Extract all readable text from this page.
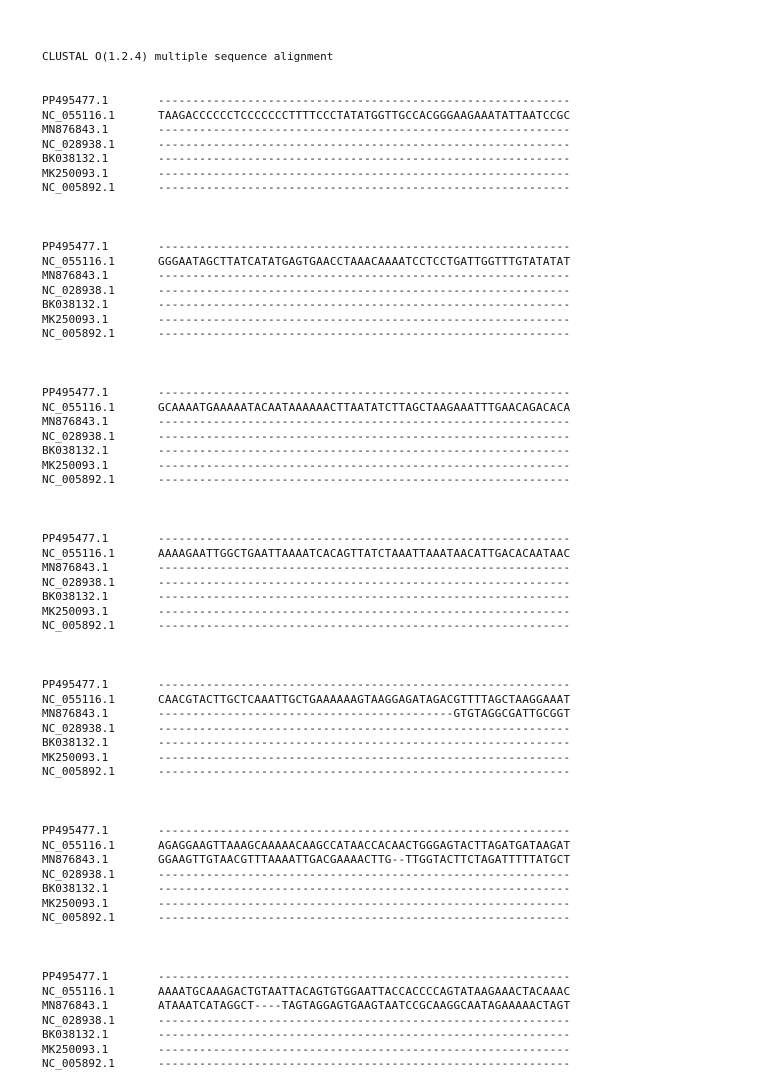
CLUSTAL O(1.2.4) multiple sequence alignment
PP495477.1	------------------------------------------------------------
NC_055116.1	TAAGACCCCCCTCCCCCCCTTTTCCCTATATGGTTGCCACGGGAAGAAATATTAATCCGC
MN876843.1	------------------------------------------------------------
NC_028938.1	------------------------------------------------------------
BK038132.1	------------------------------------------------------------
MK250093.1	------------------------------------------------------------
NC_005892.1	------------------------------------------------------------
PP495477.1	------------------------------------------------------------
NC_055116.1	GGGAATAGCTTATCATATGAGTGAACCTAAACAAAATCCTCCTGATTGGTTTGTATATAT
MN876843.1	------------------------------------------------------------
NC_028938.1	------------------------------------------------------------
BK038132.1	------------------------------------------------------------
MK250093.1	------------------------------------------------------------
NC_005892.1	------------------------------------------------------------
PP495477.1	------------------------------------------------------------
NC_055116.1	GCAAAATGAAAAATACAATAAAAAACTTAATATCTTAGCTAAGAAATTTGAACAGACACA
MN876843.1	------------------------------------------------------------
NC_028938.1	------------------------------------------------------------
BK038132.1	------------------------------------------------------------
MK250093.1	------------------------------------------------------------
NC_005892.1	------------------------------------------------------------
PP495477.1	------------------------------------------------------------
NC_055116.1	AAAAGAATTGGCTGAATTAAAATCACAGTTATCTAAATTAAATAACATTGACACAATAAC
MN876843.1	------------------------------------------------------------
NC_028938.1	------------------------------------------------------------
BK038132.1	------------------------------------------------------------
MK250093.1	------------------------------------------------------------
NC_005892.1	------------------------------------------------------------
PP495477.1	------------------------------------------------------------
NC_055116.1	CAACGTACTTGCTCAAATTGCTGAAAAAAGTAAGGAGATAGACGTTTTAGCTAAGGAAAT
MN876843.1	-------------------------------------------GTGTAGGCGATTGCGGT
NC_028938.1	------------------------------------------------------------
BK038132.1	------------------------------------------------------------
MK250093.1	------------------------------------------------------------
NC_005892.1	------------------------------------------------------------
PP495477.1	------------------------------------------------------------
NC_055116.1	AGAGGAAGTTAAAGCAAAAACAAGCCATAACCACAACTGGGAGTACTTAGATGATAAGAT
MN876843.1	GGAAGTTGTAACGTTTAAAATTGACGAAAACTTG--TTGGTACTTCTAGATTTTTATGCT
NC_028938.1	------------------------------------------------------------
BK038132.1	------------------------------------------------------------
MK250093.1	------------------------------------------------------------
NC_005892.1	------------------------------------------------------------
PP495477.1	------------------------------------------------------------
NC_055116.1	AAAATGCAAAGACTGTAATTACAGTGTGGAATTACCACCCCAGTATAAGAAACTACAAAC
MN876843.1	ATAAATCATAGGCT----TAGTAGGAGTGAAGTAATCCGCAAGGCAATAGAAAAACTAGT
NC_028938.1	------------------------------------------------------------
BK038132.1	------------------------------------------------------------
MK250093.1	------------------------------------------------------------
NC_005892.1	------------------------------------------------------------
